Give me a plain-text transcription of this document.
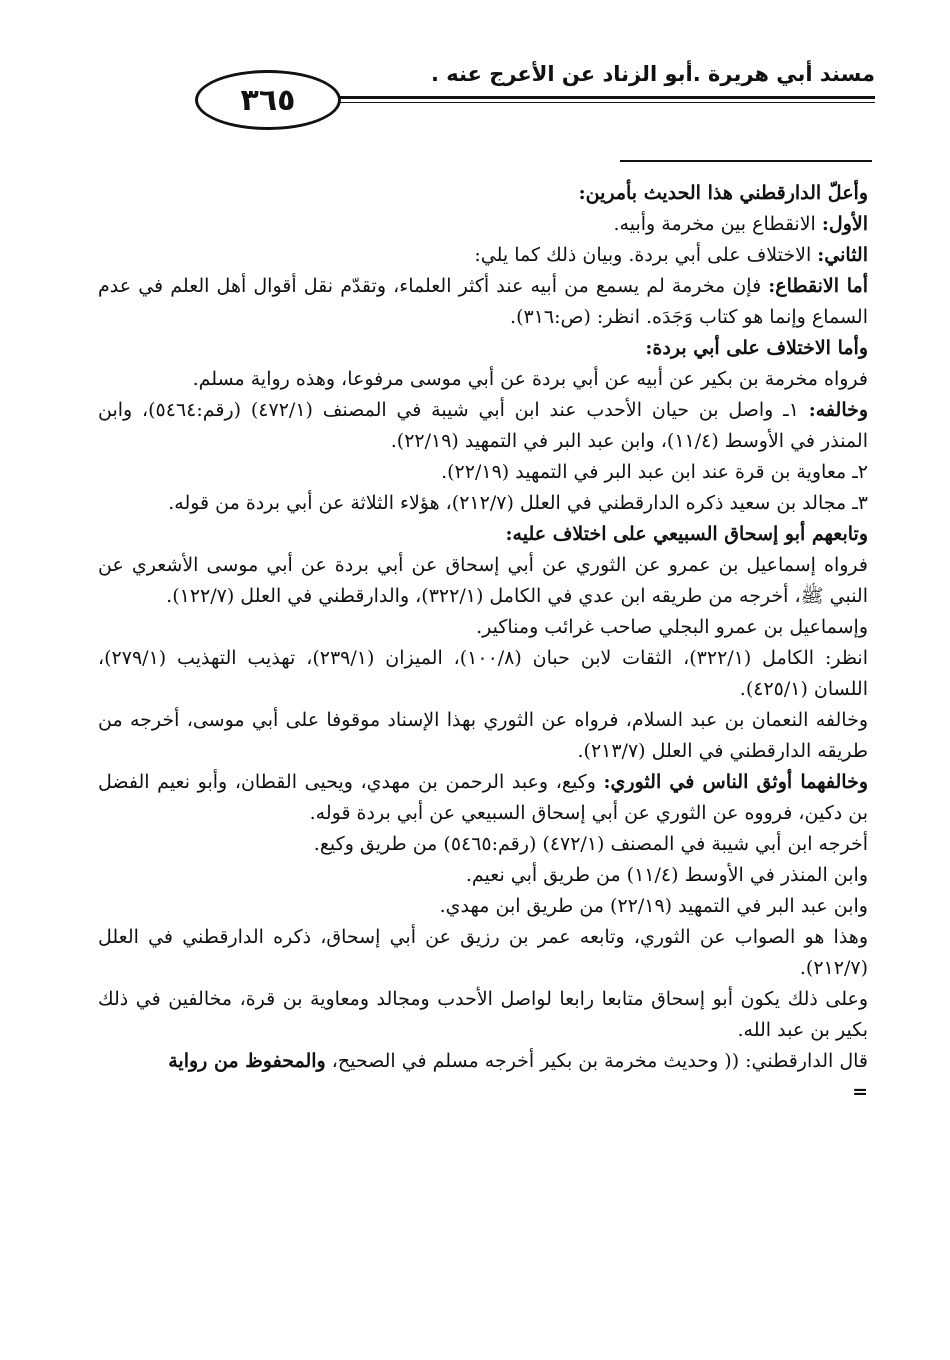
مسند أبي هريرة .أبو الزناد عن الأعرج عنه .
٣٦٥

وأعلّ الدارقطني هذا الحديث بأمرين:

الأول: الانقطاع بين مخرمة وأبيه.

الثاني: الاختلاف على أبي بردة. وبيان ذلك كما يلي:

أما الانقطاع: فإن مخرمة لم يسمع من أبيه عند أكثر العلماء، وتقدّم نقل أقوال أهل العلم في عدم السماع وإنما هو كتاب وَجَدَه. انظر: (ص:٣١٦).

وأما الاختلاف على أبي بردة:

فرواه مخرمة بن بكير عن أبيه عن أبي بردة عن أبي موسى مرفوعا، وهذه رواية مسلم.

وخالفه: ١ـ واصل بن حيان الأحدب عند ابن أبي شيبة في المصنف (٤٧٢/١) (رقم:٥٤٦٤)، وابن المنذر في الأوسط (١١/٤)، وابن عبد البر في التمهيد (٢٢/١٩).

٢ـ معاوية بن قرة عند ابن عبد البر في التمهيد (٢٢/١٩).

٣ـ مجالد بن سعيد ذكره الدارقطني في العلل (٢١٢/٧)، هؤلاء الثلاثة عن أبي بردة من قوله.

وتابعهم أبو إسحاق السبيعي على اختلاف عليه:

فرواه إسماعيل بن عمرو عن الثوري عن أبي إسحاق عن أبي بردة عن أبي موسى الأشعري عن النبي ﷺ، أخرجه من طريقه ابن عدي في الكامل (٣٢٢/١)، والدارقطني في العلل (١٢٢/٧).

وإسماعيل بن عمرو البجلي صاحب غرائب ومناكير.

انظر: الكامل (٣٢٢/١)، الثقات لابن حبان (١٠٠/٨)، الميزان (٢٣٩/١)، تهذيب التهذيب (٢٧٩/١)، اللسان (٤٢٥/١).

وخالفه النعمان بن عبد السلام، فرواه عن الثوري بهذا الإسناد موقوفا على أبي موسى، أخرجه من طريقه الدارقطني في العلل (٢١٣/٧).

وخالفهما أوثق الناس في الثوري: وكيع، وعبد الرحمن بن مهدي، ويحيى القطان، وأبو نعيم الفضل بن دكين، فرووه عن الثوري عن أبي إسحاق السبيعي عن أبي بردة قوله.

أخرجه ابن أبي شيبة في المصنف (٤٧٢/١) (رقم:٥٤٦٥) من طريق وكيع.

وابن المنذر في الأوسط (١١/٤) من طريق أبي نعيم.

وابن عبد البر في التمهيد (٢٢/١٩) من طريق ابن مهدي.

وهذا هو الصواب عن الثوري، وتابعه عمر بن رزيق عن أبي إسحاق، ذكره الدارقطني في العلل (٢١٢/٧).

وعلى ذلك يكون أبو إسحاق متابعا رابعا لواصل الأحدب ومجالد ومعاوية بن قرة، مخالفين في ذلك بكير بن عبد الله.

قال الدارقطني: (( وحديث مخرمة بن بكير أخرجه مسلم في الصحيح، والمحفوظ من رواية

=
